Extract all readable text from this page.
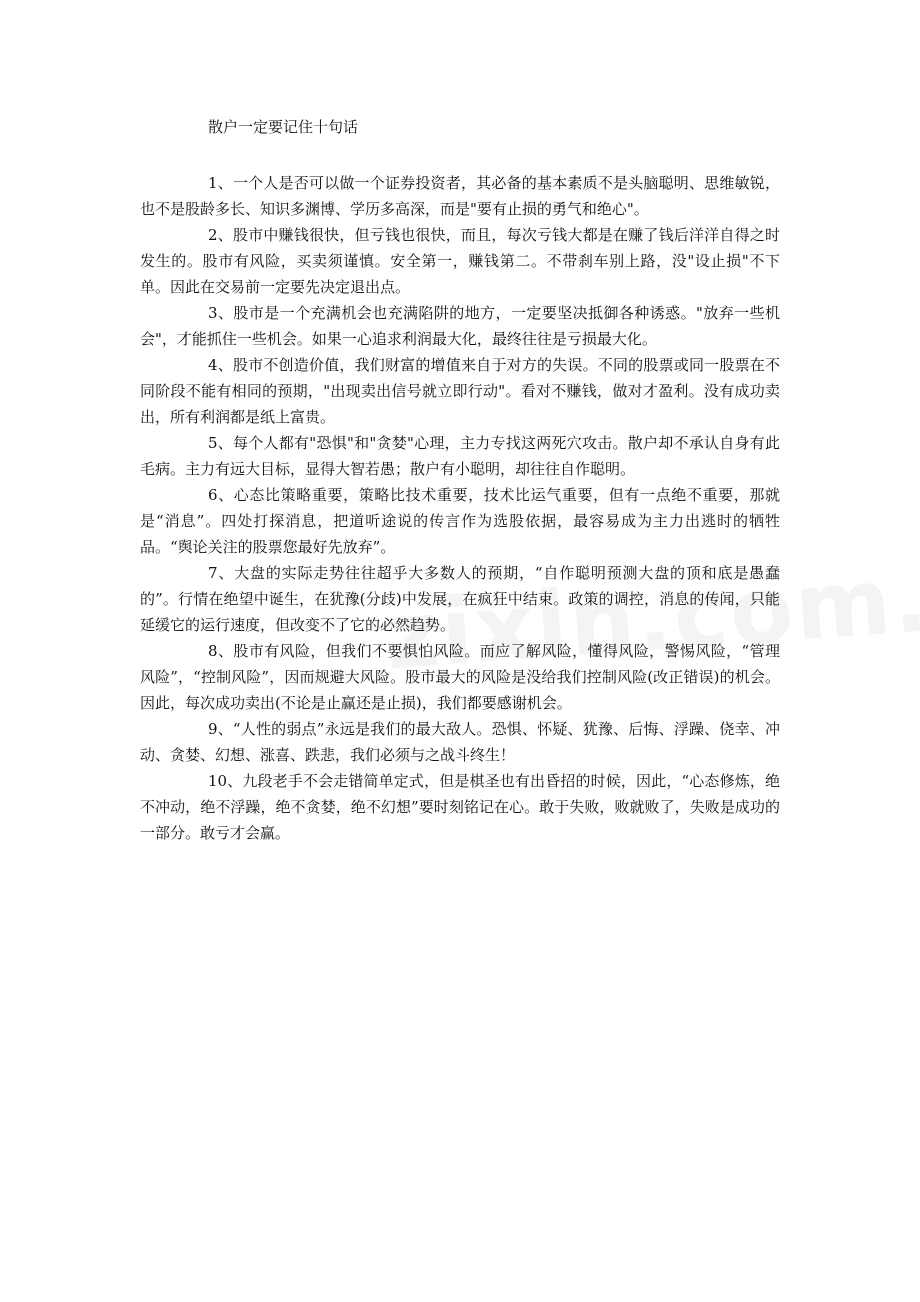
散户一定要记住十句话

1、一个人是否可以做一个证券投资者，其必备的基本素质不是头脑聪明、思维敏锐，也不是股龄多长、知识多渊博、学历多高深，而是"要有止损的勇气和绝心"。

2、股市中赚钱很快，但亏钱也很快，而且，每次亏钱大都是在赚了钱后洋洋自得之时发生的。股市有风险，买卖须谨慎。安全第一，赚钱第二。不带刹车别上路，没"设止损"不下单。因此在交易前一定要先决定退出点。

3、股市是一个充满机会也充满陷阱的地方，一定要坚决抵御各种诱惑。"放弃一些机会"，才能抓住一些机会。如果一心追求利润最大化，最终往往是亏损最大化。

4、股市不创造价值，我们财富的增值来自于对方的失误。不同的股票或同一股票在不同阶段不能有相同的预期，"出现卖出信号就立即行动"。看对不赚钱，做对才盈利。没有成功卖出，所有利润都是纸上富贵。

5、每个人都有"恐惧"和"贪婪"心理，主力专找这两死穴攻击。散户却不承认自身有此毛病。主力有远大目标，显得大智若愚；散户有小聪明，却往往自作聪明。

6、心态比策略重要，策略比技术重要，技术比运气重要，但有一点绝不重要，那就是“消息”。四处打探消息，把道听途说的传言作为选股依据，最容易成为主力出逃时的牺牲品。“舆论关注的股票您最好先放弃”。

7、大盘的实际走势往往超乎大多数人的预期，“自作聪明预测大盘的顶和底是愚蠢的”。行情在绝望中诞生，在犹豫(分歧)中发展，在疯狂中结束。政策的调控，消息的传闻，只能延缓它的运行速度，但改变不了它的必然趋势。

8、股市有风险，但我们不要惧怕风险。而应了解风险，懂得风险，警惕风险，“管理风险”，“控制风险”，因而规避大风险。股市最大的风险是没给我们控制风险(改正错误)的机会。因此，每次成功卖出(不论是止赢还是止损)，我们都要感谢机会。

9、“人性的弱点”永远是我们的最大敌人。恐惧、怀疑、犹豫、后悔、浮躁、侥幸、冲动、贪婪、幻想、涨喜、跌悲，我们必须与之战斗终生！

10、九段老手不会走错简单定式，但是棋圣也有出昏招的时候，因此，“心态修炼，绝不冲动，绝不浮躁，绝不贪婪，绝不幻想”要时刻铭记在心。敢于失败，败就败了，失败是成功的一部分。敢亏才会赢。
